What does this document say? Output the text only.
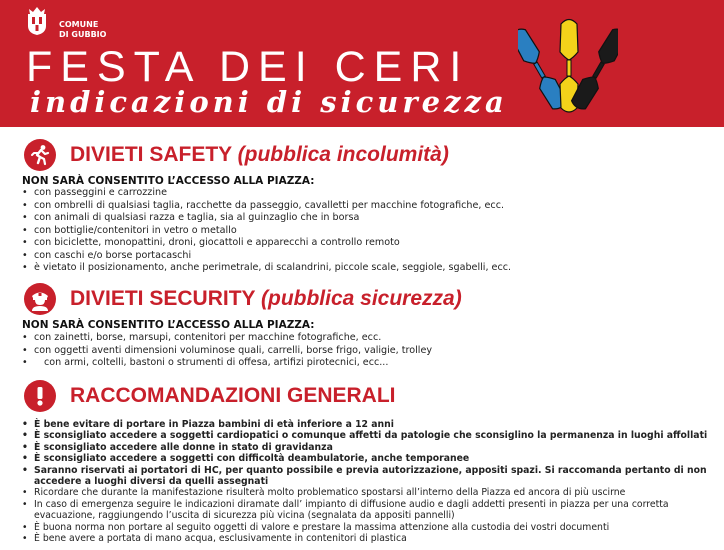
COMUNE
DI GUBBIO
FESTA DEI CERI
indicazioni di sicurezza
DIVIETI SAFETY (pubblica incolumità)
NON SARÀ CONSENTITO L’ACCESSO ALLA PIAZZA:
• con passeggini e carrozzine
• con ombrelli di qualsiasi taglia, racchette da passeggio, cavalletti per macchine fotografiche, ecc.
• con animali di qualsiasi razza e taglia, sia al guinzaglio che in borsa
• con bottiglie/contenitori in vetro o metallo
• con biciclette, monopattini, droni, giocattoli e apparecchi a controllo remoto
• con caschi e/o borse portacaschi
• è vietato il posizionamento, anche perimetrale, di scalandrini, piccole scale, seggiole, sgabelli, ecc.
DIVIETI SECURITY (pubblica sicurezza)
NON SARÀ CONSENTITO L’ACCESSO ALLA PIAZZA:
• con zainetti, borse, marsupi, contenitori per macchine fotografiche, ecc.
• con oggetti aventi dimensioni voluminose quali, carrelli, borse frigo, valigie, trolley
• con armi, coltelli, bastoni o strumenti di offesa, artifizi pirotecnici, ecc...
RACCOMANDAZIONI GENERALI
• È bene evitare di portare in Piazza bambini di età inferiore a 12 anni
• È sconsigliato accedere a soggetti cardiopatici o comunque affetti da patologie che sconsiglino la permanenza in luoghi affollati
• È sconsigliato accedere alle donne in stato di gravidanza
• È sconsigliato accedere a soggetti con difficoltà deambulatorie, anche temporanee
• Saranno riservati ai portatori di HC, per quanto possibile e previa autorizzazione, appositi spazi. Si raccomanda pertanto di non accedere a luoghi diversi da quelli assegnati
• Ricordare che durante la manifestazione risulterà molto problematico spostarsi all’interno della Piazza ed ancora di più uscirne
• In caso di emergenza seguire le indicazioni diramate dall’ impianto di diffusione audio e dagli addetti presenti in piazza per una corretta evacuazione, raggiungendo l’uscita di sicurezza più vicina (segnalata da appositi pannelli)
• È buona norma non portare al seguito oggetti di valore e prestare la massima attenzione alla custodia dei vostri documenti
• È bene avere a portata di mano acqua, esclusivamente in contenitori di plastica
